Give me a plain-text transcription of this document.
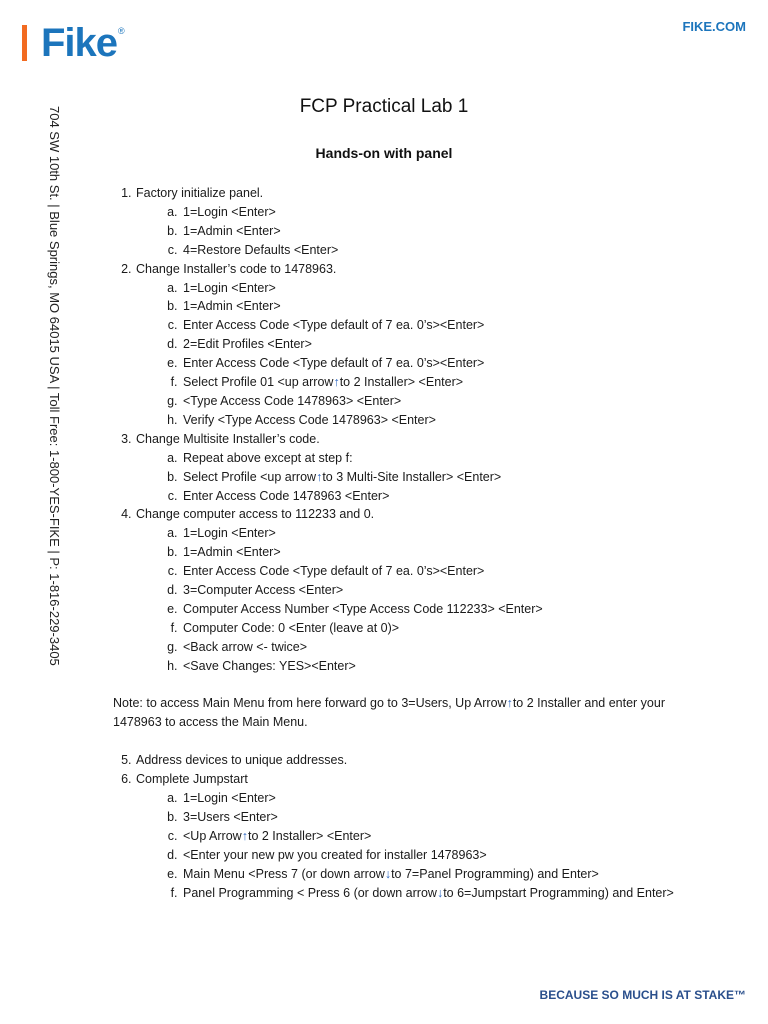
Fike ®	FIKE.COM
704 SW 10th St. | Blue Springs, MO 64015 USA | Toll Free: 1-800-YES-FIKE | P: 1-816-229-3405	FCP Practical Lab 1
Hands-on with panel
1. Factory initialize panel.
a. 1=Login <Enter>
b. 1=Admin <Enter>
c. 4=Restore Defaults <Enter>
2. Change Installer’s code to 1478963.
a. 1=Login <Enter>
b. 1=Admin <Enter>
c. Enter Access Code <Type default of 7 ea. 0’s><Enter>
d. 2=Edit Profiles <Enter>
e. Enter Access Code <Type default of 7 ea. 0’s><Enter>
f. Select Profile 01 <up arrow↑to 2 Installer> <Enter>
g. <Type Access Code 1478963> <Enter>
h. Verify <Type Access Code 1478963> <Enter>
3. Change Multisite Installer’s code.
a. Repeat above except at step f:
b. Select Profile <up arrow↑to 3 Multi-Site Installer> <Enter>
c. Enter Access Code 1478963 <Enter>
4. Change computer access to 112233 and 0.
a. 1=Login <Enter>
b. 1=Admin <Enter>
c. Enter Access Code <Type default of 7 ea. 0’s><Enter>
d. 3=Computer Access <Enter>
e. Computer Access Number <Type Access Code 112233> <Enter>
f. Computer Code: 0 <Enter (leave at 0)>
g. <Back arrow <- twice>
h. <Save Changes: YES><Enter>

Note: to access Main Menu from here forward go to 3=Users, Up Arrow↑to 2 Installer and enter your 1478963 to access the Main Menu.

5. Address devices to unique addresses.
6. Complete Jumpstart
a. 1=Login <Enter>
b. 3=Users <Enter>
c. <Up Arrow↑to 2 Installer> <Enter>
d. <Enter your new pw you created for installer 1478963>
e. Main Menu <Press 7 (or down arrow↓to 7=Panel Programming) and Enter>
f. Panel Programming < Press 6 (or down arrow↓to 6=Jumpstart Programming) and Enter>
BECAUSE SO MUCH IS AT STAKE™
